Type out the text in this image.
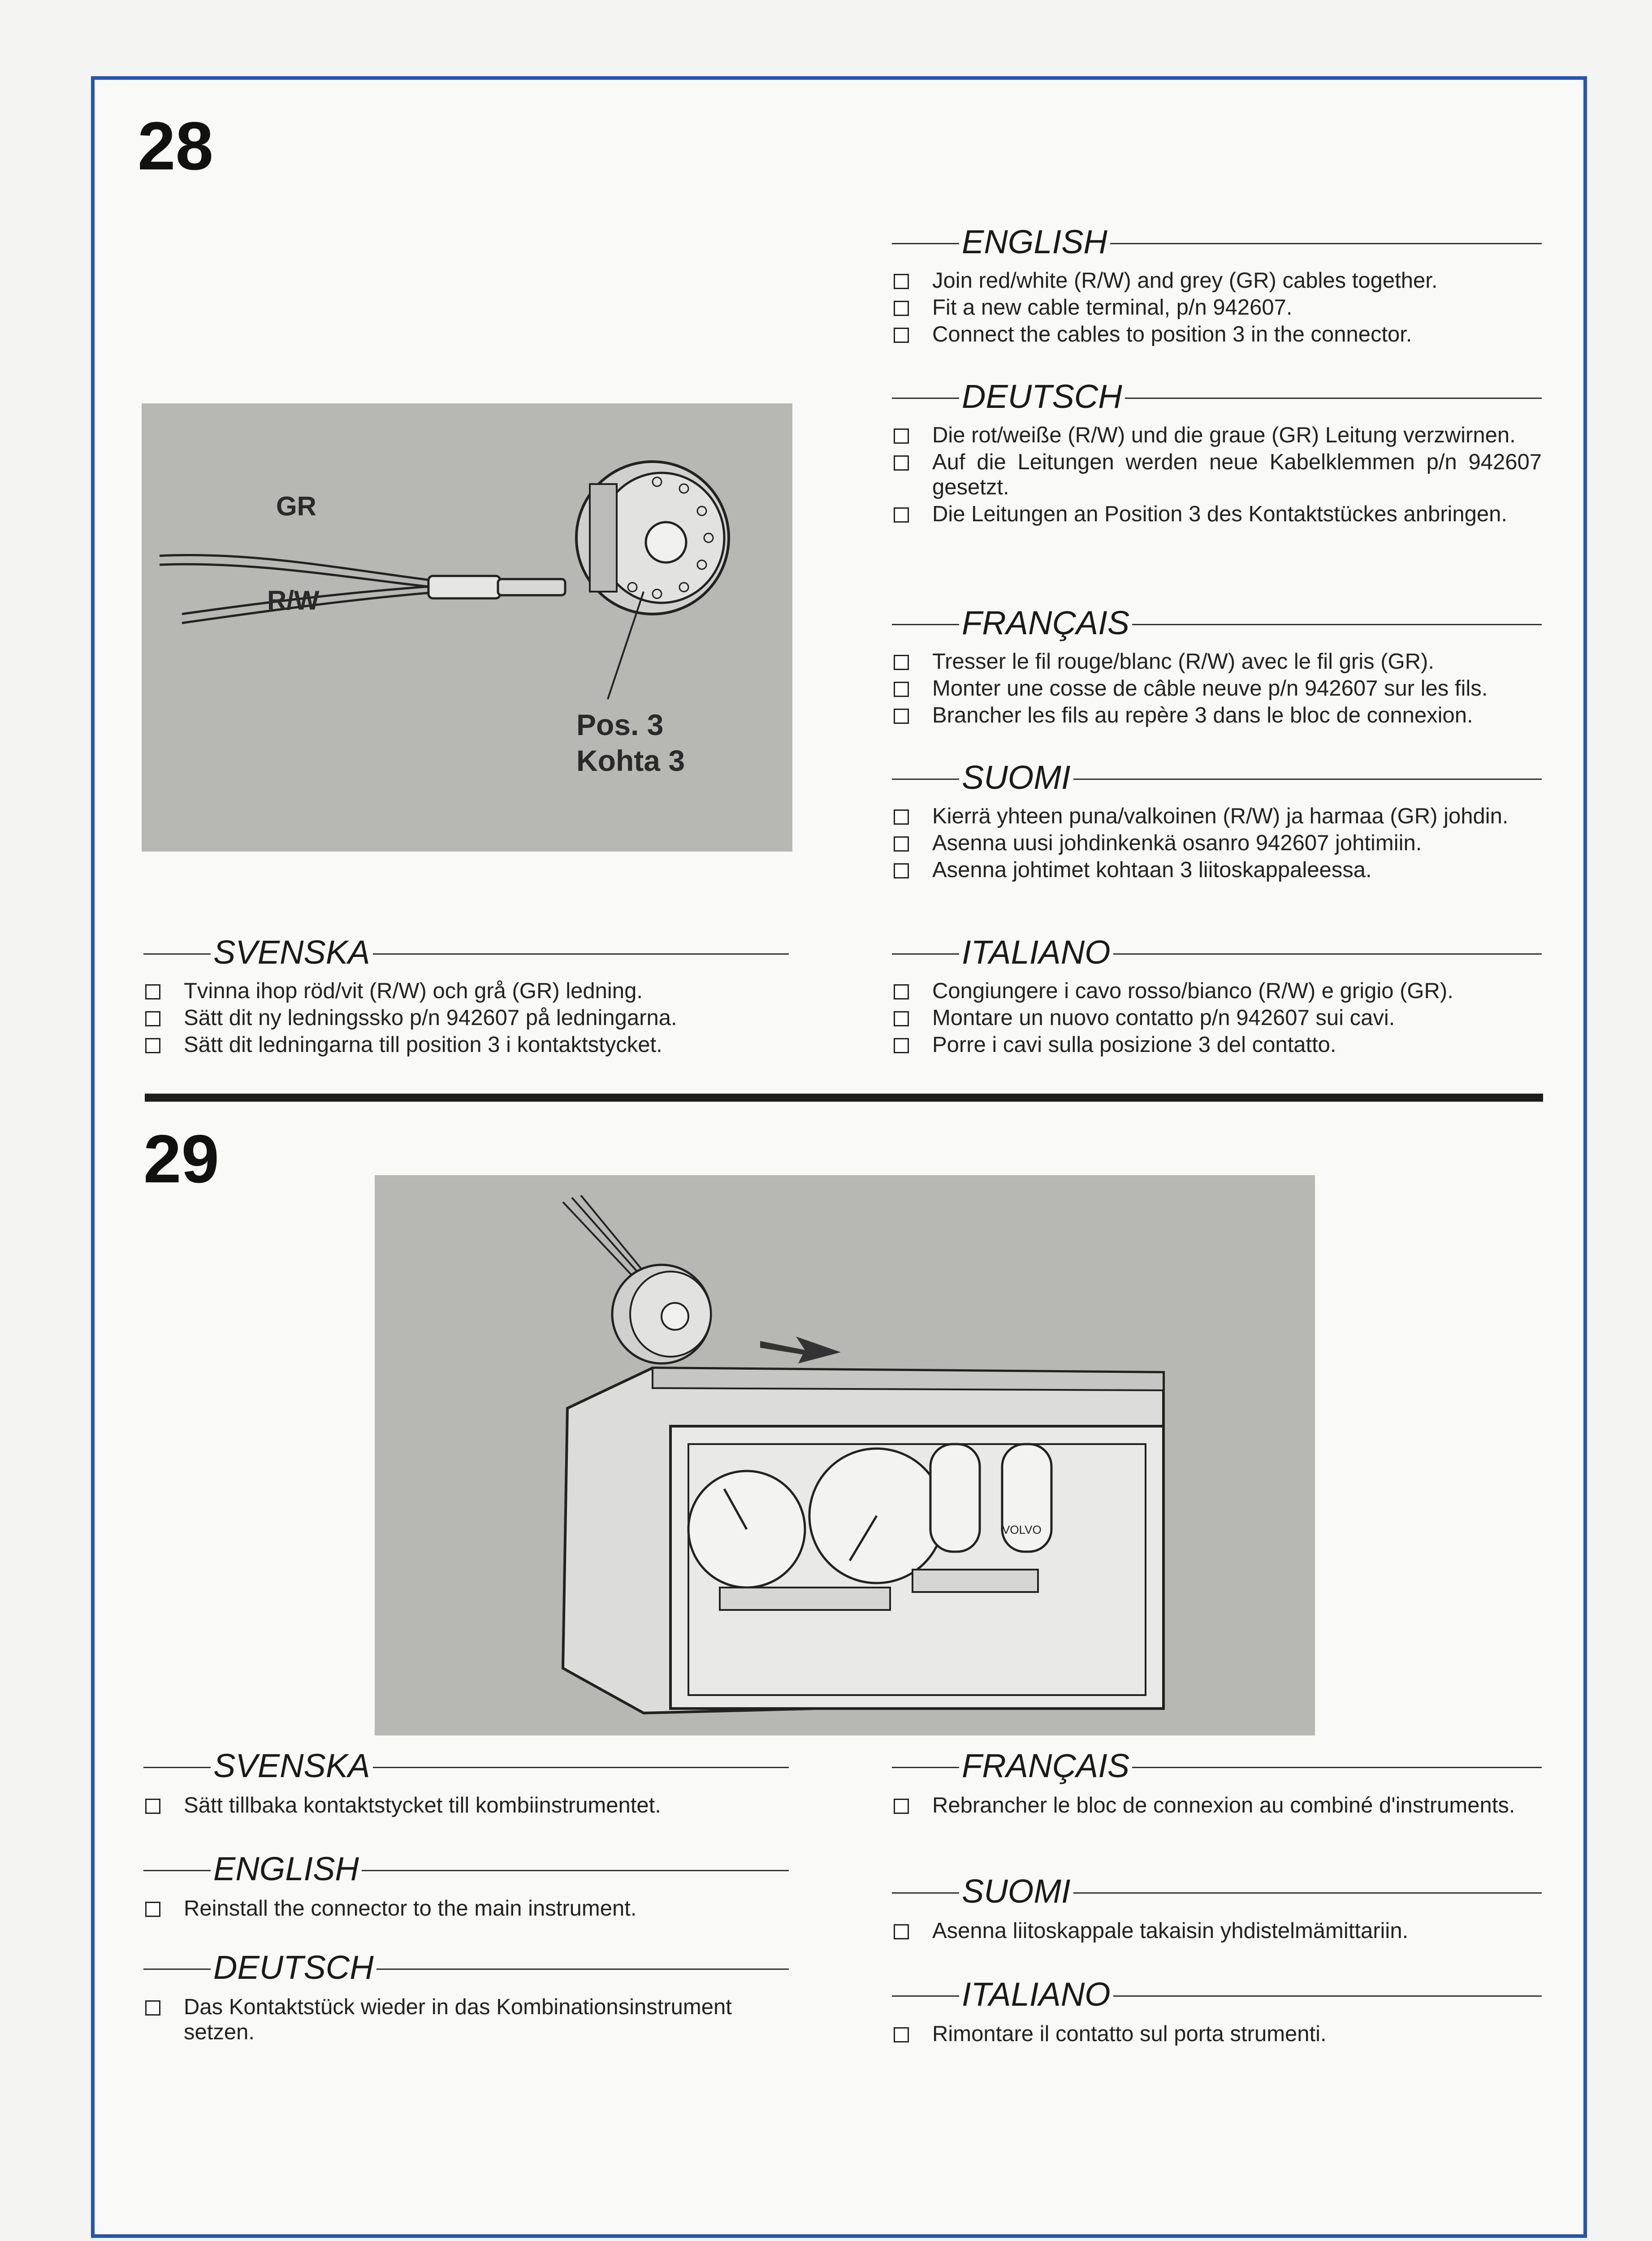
28
GR
R/W
Pos. 3
Kohta 3
SVENSKA
Tvinna ihop röd/vit (R/W) och grå (GR) ledning.
Sätt dit ny ledningssko p/n 942607 på ledningarna.
Sätt dit ledningarna till position 3 i kontaktstycket.
ENGLISH
Join red/white (R/W) and grey (GR) cables together.
Fit a new cable terminal, p/n 942607.
Connect the cables to position 3 in the connector.
DEUTSCH
Die rot/weiße (R/W) und die graue (GR) Leitung verzwirnen.
Auf die Leitungen werden neue Kabelklemmen p/n 942607 gesetzt.
Die Leitungen an Position 3 des Kontaktstückes anbringen.
FRANÇAIS
Tresser le fil rouge/blanc (R/W) avec le fil gris (GR).
Monter une cosse de câble neuve p/n 942607 sur les fils.
Brancher les fils au repère 3 dans le bloc de connexion.
SUOMI
Kierrä yhteen puna/valkoinen (R/W) ja harmaa (GR) johdin.
Asenna uusi johdinkenkä osanro 942607 johtimiin.
Asenna johtimet kohtaan 3 liitoskappaleessa.
ITALIANO
Congiungere i cavo rosso/bianco (R/W) e grigio (GR).
Montare un nuovo contatto p/n 942607 sui cavi.
Porre i cavi sulla posizione 3 del contatto.
29
VOLVO
SVENSKA
Sätt tillbaka kontaktstycket till kombiinstrumentet.
ENGLISH
Reinstall the connector to the main instrument.
DEUTSCH
Das Kontaktstück wieder in das Kombinationsinstrument setzen.
FRANÇAIS
Rebrancher le bloc de connexion au combiné d'instruments.
SUOMI
Asenna liitoskappale takaisin yhdistelmämittariin.
ITALIANO
Rimontare il contatto sul porta strumenti.
